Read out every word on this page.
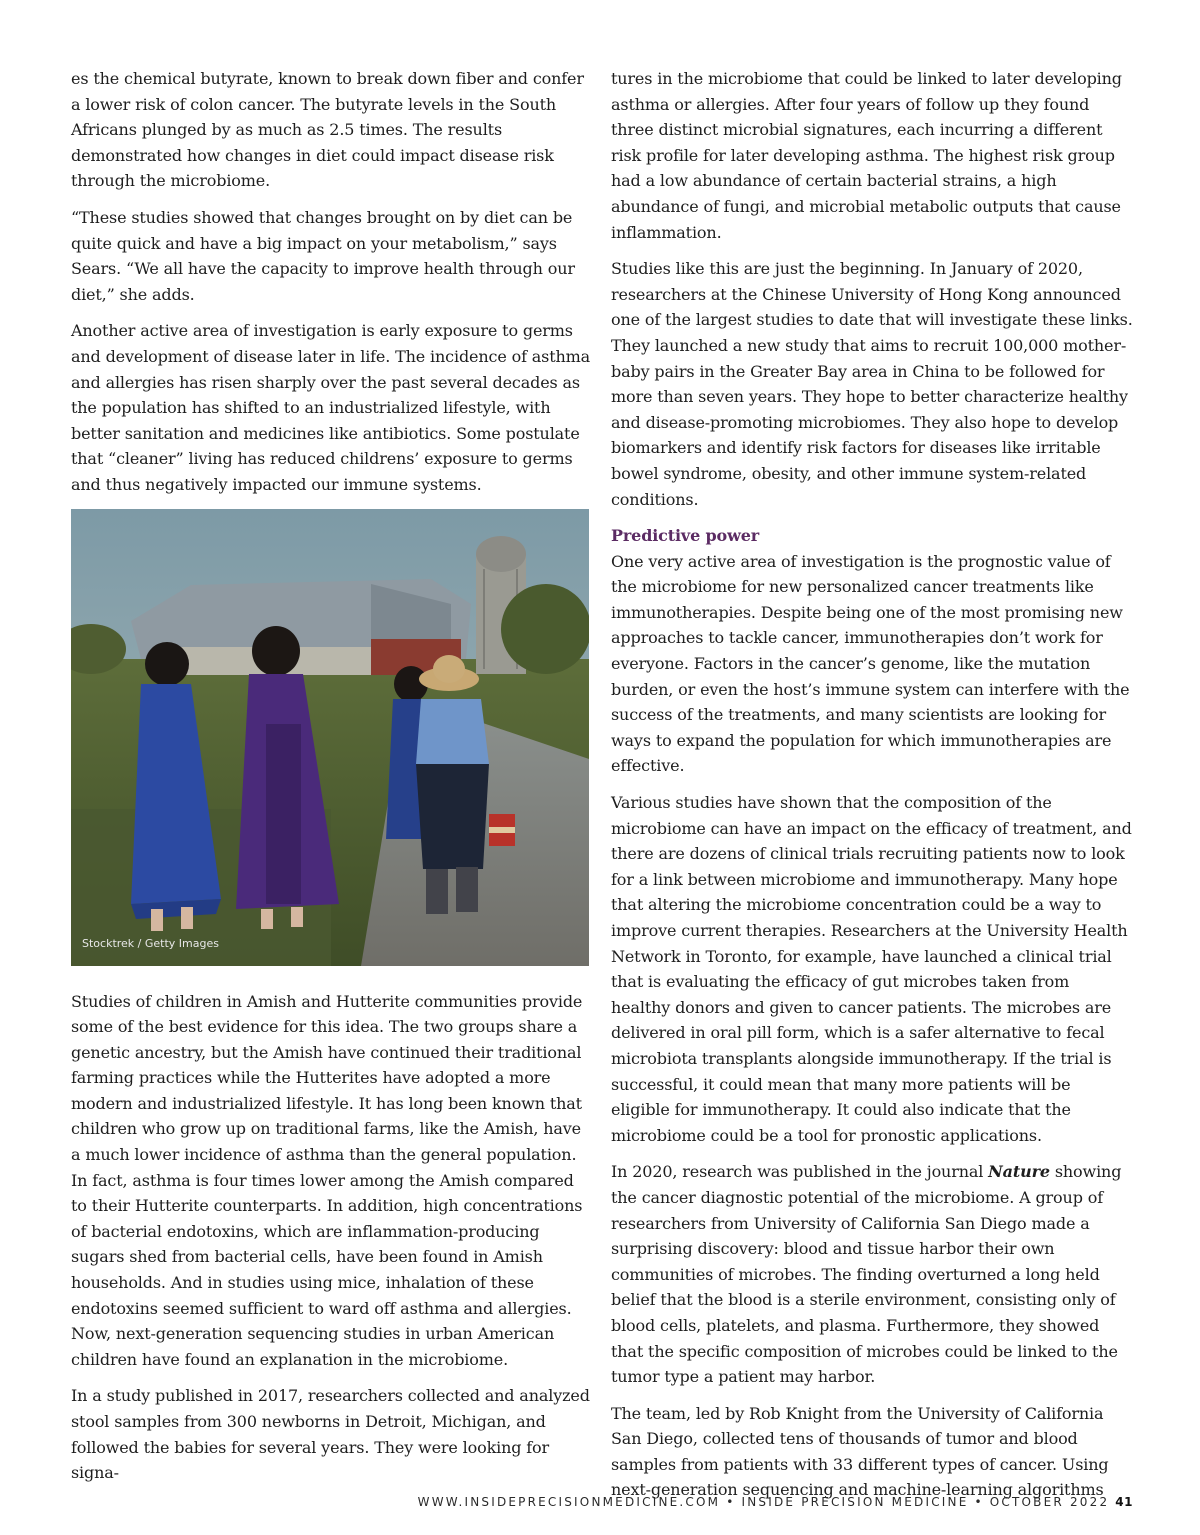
es the chemical butyrate, known to break down fiber and confer a lower risk of colon cancer. The butyrate levels in the South Africans plunged by as much as 2.5 times. The results demonstrated how changes in diet could impact disease risk through the microbiome.

“These studies showed that changes brought on by diet can be quite quick and have a big impact on your metabolism,” says Sears. “We all have the capacity to improve health through our diet,” she adds.

Another active area of investigation is early exposure to germs and development of disease later in life. The incidence of asthma and allergies has risen sharply over the past several decades as the population has shifted to an industrialized lifestyle, with better sanitation and medicines like antibiotics. Some postulate that “cleaner” living has reduced childrens’ exposure to germs and thus negatively impacted our immune systems.

Stocktrek / Getty Images

Studies of children in Amish and Hutterite communities provide some of the best evidence for this idea. The two groups share a genetic ancestry, but the Amish have continued their traditional farming practices while the Hutterites have adopted a more modern and industrialized lifestyle. It has long been known that children who grow up on traditional farms, like the Amish, have a much lower incidence of asthma than the general population. In fact, asthma is four times lower among the Amish compared to their Hutterite counterparts. In addition, high concentrations of bacterial endotoxins, which are inflammation-producing sugars shed from bacterial cells, have been found in Amish households. And in studies using mice, inhalation of these endotoxins seemed sufficient to ward off asthma and allergies. Now, next-generation sequencing studies in urban American children have found an explanation in the microbiome.

In a study published in 2017, researchers collected and analyzed stool samples from 300 newborns in Detroit, Michigan, and followed the babies for several years. They were looking for signa-

tures in the microbiome that could be linked to later developing asthma or allergies. After four years of follow up they found three distinct microbial signatures, each incurring a different risk profile for later developing asthma. The highest risk group had a low abundance of certain bacterial strains, a high abundance of fungi, and microbial metabolic outputs that cause inflammation.

Studies like this are just the beginning. In January of 2020, researchers at the Chinese University of Hong Kong announced one of the largest studies to date that will investigate these links. They launched a new study that aims to recruit 100,000 mother-baby pairs in the Greater Bay area in China to be followed for more than seven years. They hope to better characterize healthy and disease-promoting microbiomes. They also hope to develop biomarkers and identify risk factors for diseases like irritable bowel syndrome, obesity, and other immune system-related conditions.

Predictive power

One very active area of investigation is the prognostic value of the microbiome for new personalized cancer treatments like immunotherapies. Despite being one of the most promising new approaches to tackle cancer, immunotherapies don’t work for everyone. Factors in the cancer’s genome, like the mutation burden, or even the host’s immune system can interfere with the success of the treatments, and many scientists are looking for ways to expand the population for which immunotherapies are effective.

Various studies have shown that the composition of the microbiome can have an impact on the efficacy of treatment, and there are dozens of clinical trials recruiting patients now to look for a link between microbiome and immunotherapy. Many hope that altering the microbiome concentration could be a way to improve current therapies. Researchers at the University Health Network in Toronto, for example, have launched a clinical trial that is evaluating the efficacy of gut microbes taken from healthy donors and given to cancer patients. The microbes are delivered in oral pill form, which is a safer alternative to fecal microbiota transplants alongside immunotherapy. If the trial is successful, it could mean that many more patients will be eligible for immunotherapy. It could also indicate that the microbiome could be a tool for pronostic applications.

In 2020, research was published in the journal Nature showing the cancer diagnostic potential of the microbiome. A group of researchers from University of California San Diego made a surprising discovery: blood and tissue harbor their own communities of microbes. The finding overturned a long held belief that the blood is a sterile environment, consisting only of blood cells, platelets, and plasma. Furthermore, they showed that the specific composition of microbes could be linked to the tumor type a patient may harbor.

The team, led by Rob Knight from the University of California San Diego, collected tens of thousands of tumor and blood samples from patients with 33 different types of cancer. Using next-generation sequencing and machine-learning algorithms

WWW.INSIDEPRECISIONMEDICINE.COM • INSIDE PRECISION MEDICINE • OCTOBER 2022 41
